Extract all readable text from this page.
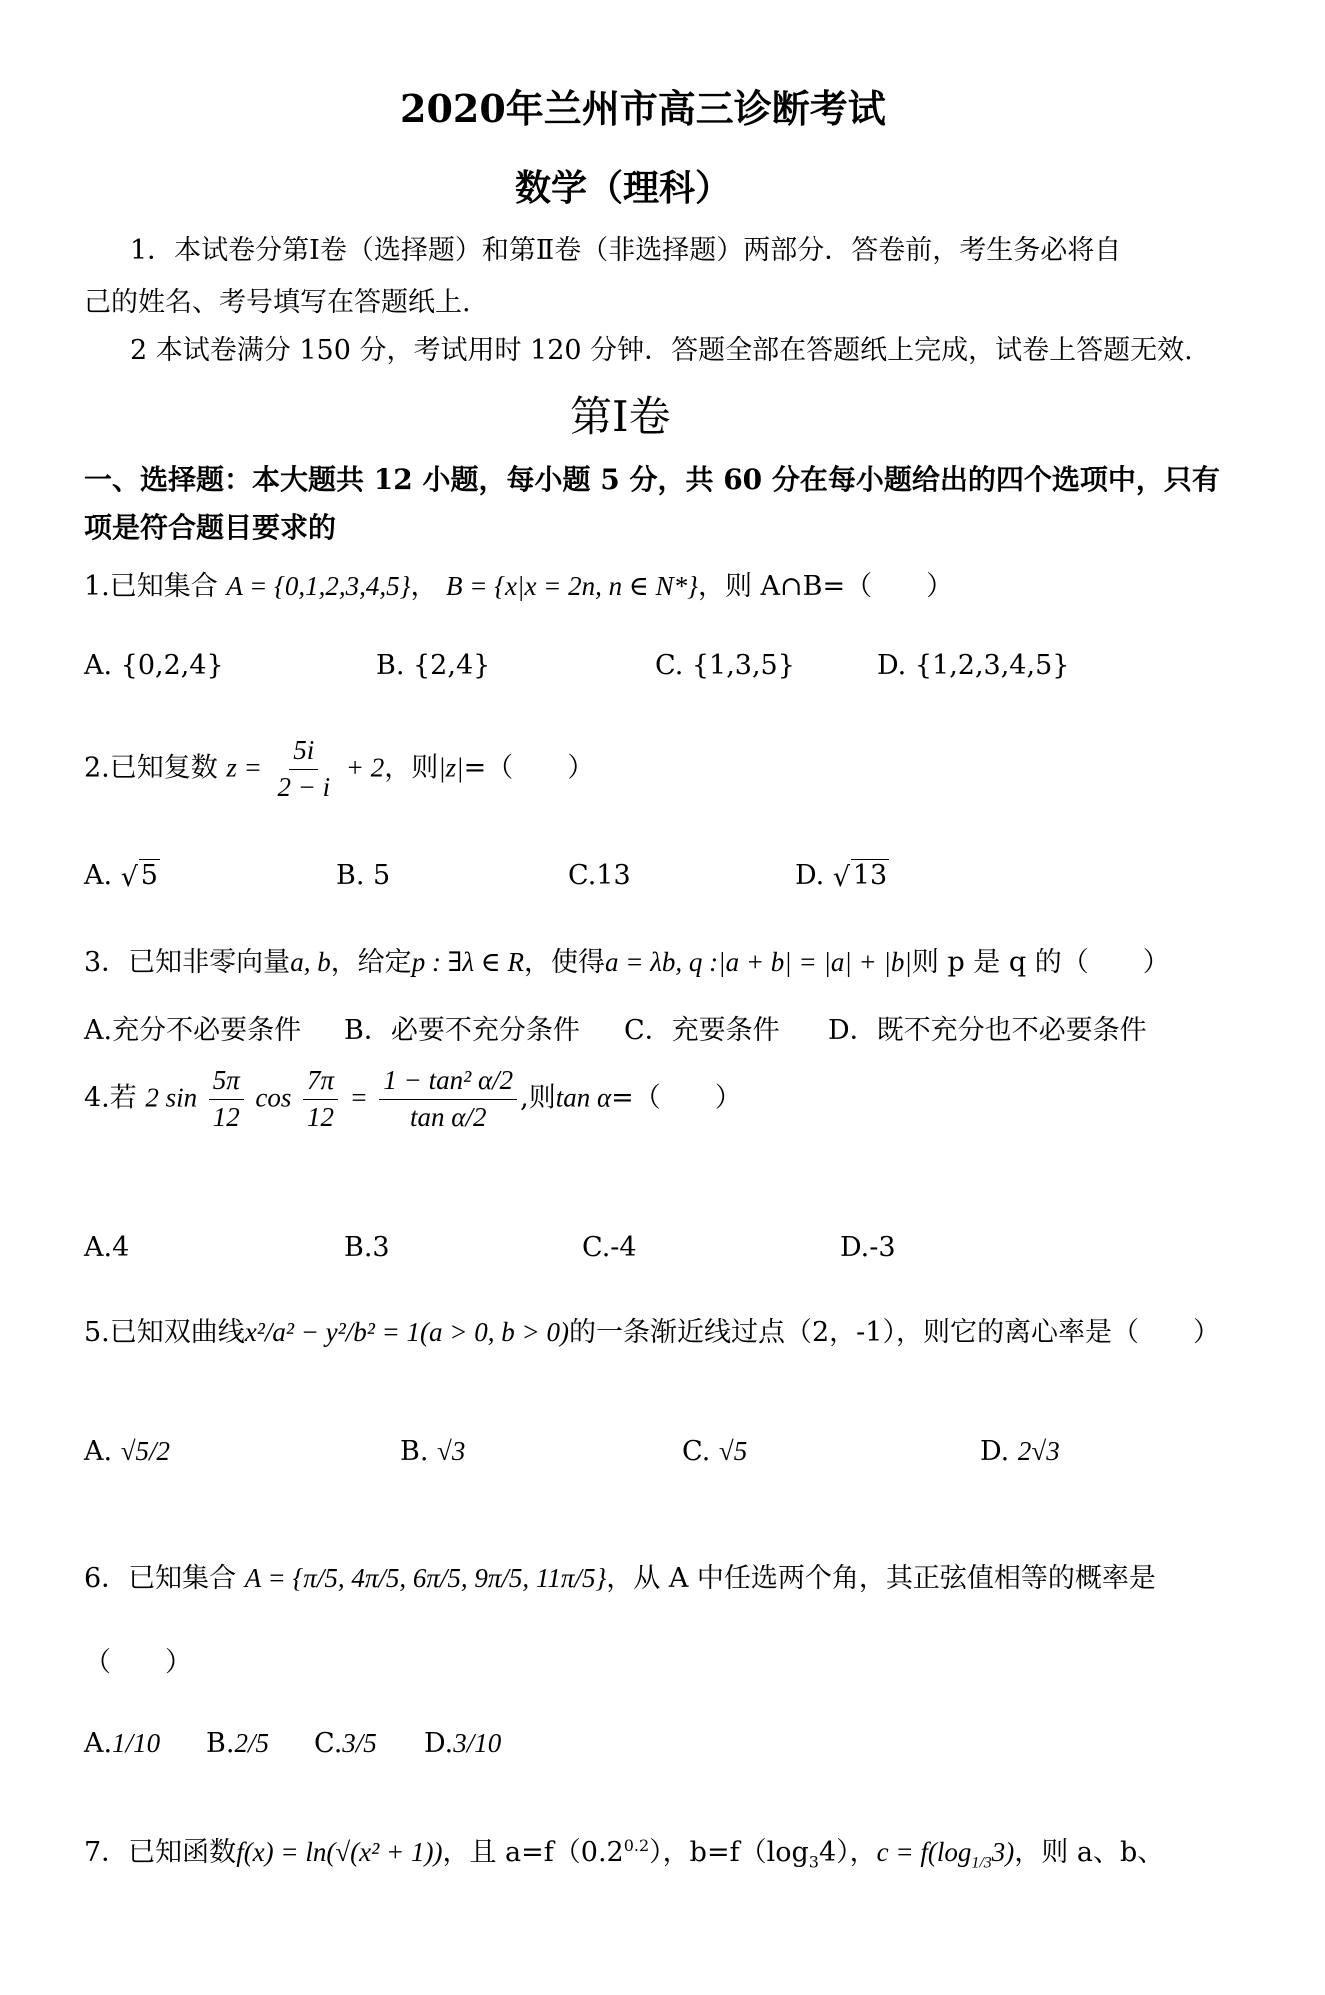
2020年兰州市高三诊断考试
数学（理科）
1．本试卷分第Ⅰ卷（选择题）和第Ⅱ卷（非选择题）两部分．答卷前，考生务必将自
己的姓名、考号填写在答题纸上.
2 本试卷满分 150 分，考试用时 120 分钟．答题全部在答题纸上完成，试卷上答题无效.
第Ⅰ卷
一、选择题：本大题共 12 小题，每小题 5 分，共 60 分在每小题给出的四个选项中，只有
项是符合题目要求的
1.已知集合 A = {0,1,2,3,4,5}， B = {x|x = 2n, n ∈ N*}，则 A∩B=（　　）
A. {0,2,4}	B. {2,4}	C. {1,3,5}	D. {1,2,3,4,5}
2.已知复数 $z = \frac{5i}{2 - i} + 2$，则|z|=（　　）
A. √ 5	B. 5	C.13	D. √ 13
3．已知非零向量a, b，给定p : ∃λ ∈ R，使得a = λb, q :|a + b| = |a| + |b|则 p 是 q 的（　　）
A.充分不必要条件 B．必要不充分条件 C．充要条件 D．既不充分也不必要条件
4.若 2 $\sin \frac{5\pi}{12}$ $\cos \frac{7\pi}{12} = \frac{\text{1 − tan² α/2}}{\text{tan α/2}}$ ,则tan α=（　　）
A.4	B.3	C.-4	D.-3
5.已知双曲线x²/a² − y²/b² = 1(a > 0, b > 0)的一条渐近线过点（2，-1），则它的离心率是（　　）
A. √5/2	B. √3	C. √5	D. 2√3
6．已知集合 A = {π/5, 4π/5, 6π/5, 9π/5, 11π/5}，从 A 中任选两个角，其正弦值相等的概率是
（　　）
A.1/10 B.2/5 C.3/5 D.3/10
7．已知函数f(x) = ln(√(x² + 1))，且 $a=f(0.2^{0.2})$，$b=f(\log_34)$，$c = f(\log_{1/3}3)$，则 a、b、
